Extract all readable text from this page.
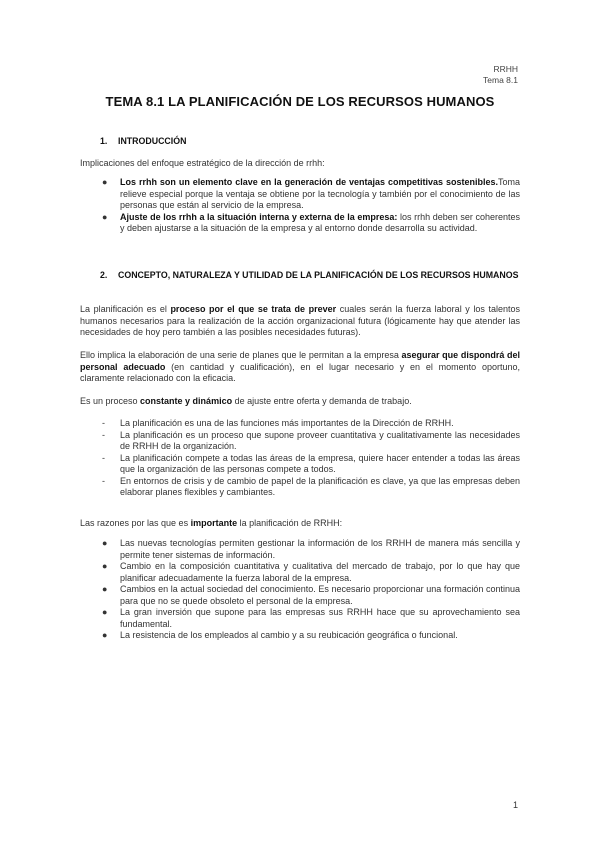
RRHH
Tema 8.1
TEMA 8.1 LA PLANIFICACIÓN DE LOS RECURSOS HUMANOS
1.	INTRODUCCIÓN
Implicaciones del enfoque estratégico de la dirección de rrhh:
● Los rrhh son un elemento clave en la generación de ventajas competitivas sostenibles.Toma relieve especial porque la ventaja se obtiene por la tecnología y también por el conocimiento de las personas que están al servicio de la empresa.
● Ajuste de los rrhh a la situación interna y externa de la empresa: los rrhh deben ser coherentes y deben ajustarse a la situación de la empresa y al entorno donde desarrolla su actividad.
2.	CONCEPTO, NATURALEZA Y UTILIDAD DE LA PLANIFICACIÓN DE LOS RECURSOS HUMANOS
La planificación es el proceso por el que se trata de prever cuales serán la fuerza laboral y los talentos humanos necesarios para la realización de la acción organizacional futura (lógicamente hay que atender las necesidades de hoy pero también a las posibles necesidades futuras).
Ello implica la elaboración de una serie de planes que le permitan a la empresa asegurar que dispondrá del personal adecuado (en cantidad y cualificación), en el lugar necesario y en el momento oportuno, claramente relacionado con la eficacia.
Es un proceso constante y dinámico de ajuste entre oferta y demanda de trabajo.
- La planificación es una de las funciones más importantes de la Dirección de RRHH.
- La planificación es un proceso que supone proveer cuantitativa y cualitativamente las necesidades de RRHH de la organización.
- La planificación compete a todas las áreas de la empresa, quiere hacer entender a todas las áreas que la organización de las personas compete a todos.
- En entornos de crisis y de cambio de papel de la planificación es clave, ya que las empresas deben elaborar planes flexibles y cambiantes.
Las razones por las que es importante la planificación de RRHH:
● Las nuevas tecnologías permiten gestionar la información de los RRHH de manera más sencilla y permite tener sistemas de información.
● Cambio en la composición cuantitativa y cualitativa del mercado de trabajo, por lo que hay que planificar adecuadamente la fuerza laboral de la empresa.
● Cambios en la actual sociedad del conocimiento. Es necesario proporcionar una formación continua para que no se quede obsoleto el personal de la empresa.
● La gran inversión que supone para las empresas sus RRHH hace que su aprovechamiento sea fundamental.
● La resistencia de los empleados al cambio y a su reubicación geográfica o funcional.
1
